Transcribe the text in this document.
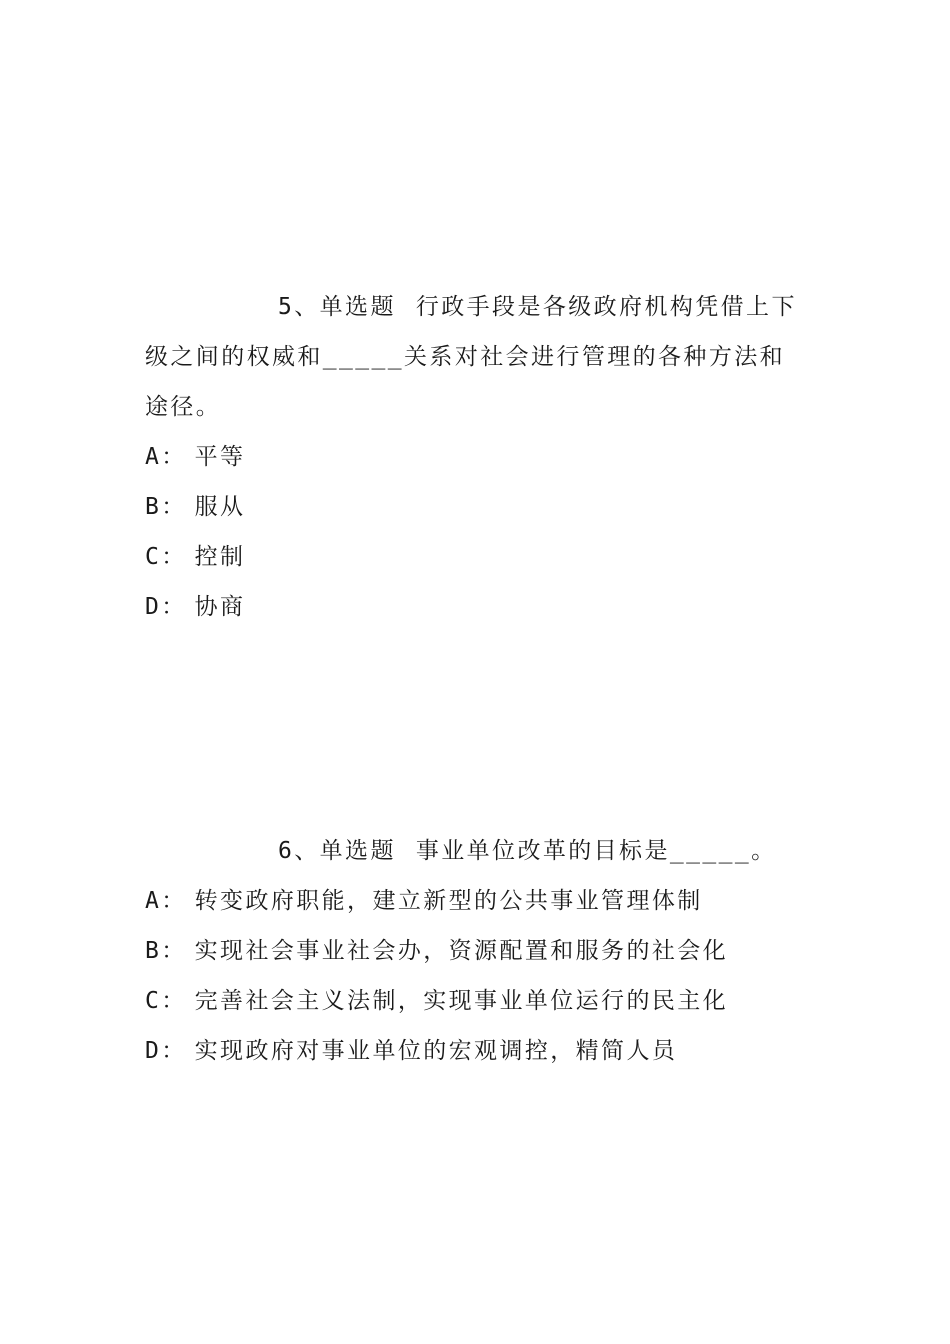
5、单选题 行政手段是各级政府机构凭借上下级之间的权威和_____关系对社会进行管理的各种方法和途径。

A： 平等
B： 服从
C： 控制
D： 协商

6、单选题 事业单位改革的目标是_____。

A： 转变政府职能，建立新型的公共事业管理体制
B： 实现社会事业社会办，资源配置和服务的社会化
C： 完善社会主义法制，实现事业单位运行的民主化
D： 实现政府对事业单位的宏观调控，精简人员
